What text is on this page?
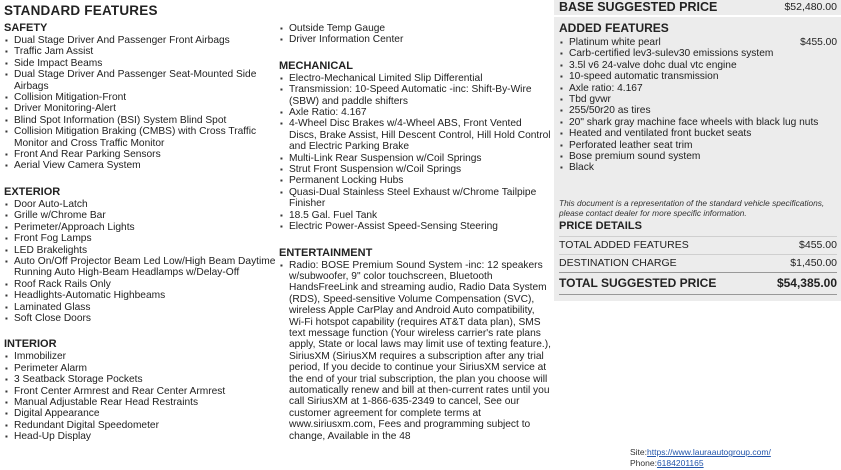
STANDARD FEATURES
SAFETY
▪ Dual Stage Driver And Passenger Front Airbags
▪ Traffic Jam Assist
▪ Side Impact Beams
▪ Dual Stage Driver And Passenger Seat-Mounted Side Airbags
▪ Collision Mitigation-Front
▪ Driver Monitoring-Alert
▪ Blind Spot Information (BSI) System Blind Spot
▪ Collision Mitigation Braking (CMBS) with Cross Traffic Monitor and Cross Traffic Monitor
▪ Front And Rear Parking Sensors
▪ Aerial View Camera System
EXTERIOR
▪ Door Auto-Latch
▪ Grille w/Chrome Bar
▪ Perimeter/Approach Lights
▪ Front Fog Lamps
▪ LED Brakelights
▪ Auto On/Off Projector Beam Led Low/High Beam Daytime Running Auto High-Beam Headlamps w/Delay-Off
▪ Roof Rack Rails Only
▪ Headlights-Automatic Highbeams
▪ Laminated Glass
▪ Soft Close Doors
INTERIOR
▪ Immobilizer
▪ Perimeter Alarm
▪ 3 Seatback Storage Pockets
▪ Front Center Armrest and Rear Center Armrest
▪ Manual Adjustable Rear Head Restraints
▪ Digital Appearance
▪ Redundant Digital Speedometer
▪ Head-Up Display
▪ Outside Temp Gauge
▪ Driver Information Center
MECHANICAL
▪ Electro-Mechanical Limited Slip Differential
▪ Transmission: 10-Speed Automatic -inc: Shift-By-Wire (SBW) and paddle shifters
▪ Axle Ratio: 4.167
▪ 4-Wheel Disc Brakes w/4-Wheel ABS, Front Vented Discs, Brake Assist, Hill Descent Control, Hill Hold Control and Electric Parking Brake
▪ Multi-Link Rear Suspension w/Coil Springs
▪ Strut Front Suspension w/Coil Springs
▪ Permanent Locking Hubs
▪ Quasi-Dual Stainless Steel Exhaust w/Chrome Tailpipe Finisher
▪ 18.5 Gal. Fuel Tank
▪ Electric Power-Assist Speed-Sensing Steering
ENTERTAINMENT
▪ Radio: BOSE Premium Sound System -inc: 12 speakers w/subwoofer, 9" color touchscreen, Bluetooth HandsFreeLink and streaming audio, Radio Data System (RDS), Speed-sensitive Volume Compensation (SVC), wireless Apple CarPlay and Android Auto compatibility, Wi-Fi hotspot capability (requires AT&T data plan), SMS text message function (Your wireless carrier's rate plans apply, State or local laws may limit use of texting feature.), SiriusXM (SiriusXM requires a subscription after any trial period, If you decide to continue your SiriusXM service at the end of your trial subscription, the plan you choose will automatically renew and bill at then-current rates until you call SiriusXM at 1-866-635-2349 to cancel, See our customer agreement for complete terms at www.siriusxm.com, Fees and programming subject to change, Available in the 48
BASE SUGGESTED PRICE	$52,480.00
ADDED FEATURES
▪ Platinum white pearl	$455.00
▪ Carb-certified lev3-sulev30 emissions system
▪ 3.5l v6 24-valve dohc dual vtc engine
▪ 10-speed automatic transmission
▪ Axle ratio: 4.167
▪ Tbd gvwr
▪ 255/50r20 as tires
▪ 20" shark gray machine face wheels with black lug nuts
▪ Heated and ventilated front bucket seats
▪ Perforated leather seat trim
▪ Bose premium sound system
▪ Black
This document is a representation of the standard vehicle specifications, please contact dealer for more specific information.
PRICE DETAILS
TOTAL ADDED FEATURES	$455.00
DESTINATION CHARGE	$1,450.00
TOTAL SUGGESTED PRICE	$54,385.00
Site:https://www.lauraautogroup.com/
Phone:6184201165
